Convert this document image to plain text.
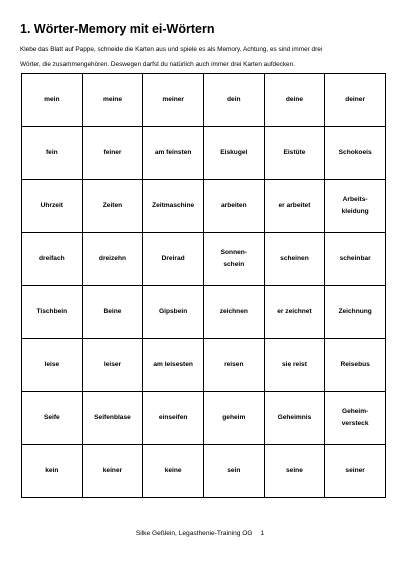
1. Wörter-Memory mit ei-Wörtern
Klebe das Blatt auf Pappe, schneide die Karten aus und spiele es als Memory. Achtung, es sind immer drei
Wörter, die zusammengehören. Deswegen darfst du natürlich auch immer drei Karten aufdecken.
mein	meine	meiner	dein	deine	deiner
fein	feiner	am feinsten	Eiskugel	Eistüte	Schokoeis
Uhrzeit	Zeiten	Zeitmaschine	arbeiten	er arbeitet	Arbeits-
kleidung
dreifach	dreizehn	Dreirad	Sonnen-
schein	scheinen	scheinbar
Tischbein	Beine	Gipsbein	zeichnen	er zeichnet	Zeichnung
leise	leiser	am leisesten	reisen	sie reist	Reisebus
Seife	Seifenblase	einseifen	geheim	Geheimnis	Geheim-
versteck
kein	keiner	keine	sein	seine	seiner
Silke Geßlein, Legasthenie-Training OG 1
